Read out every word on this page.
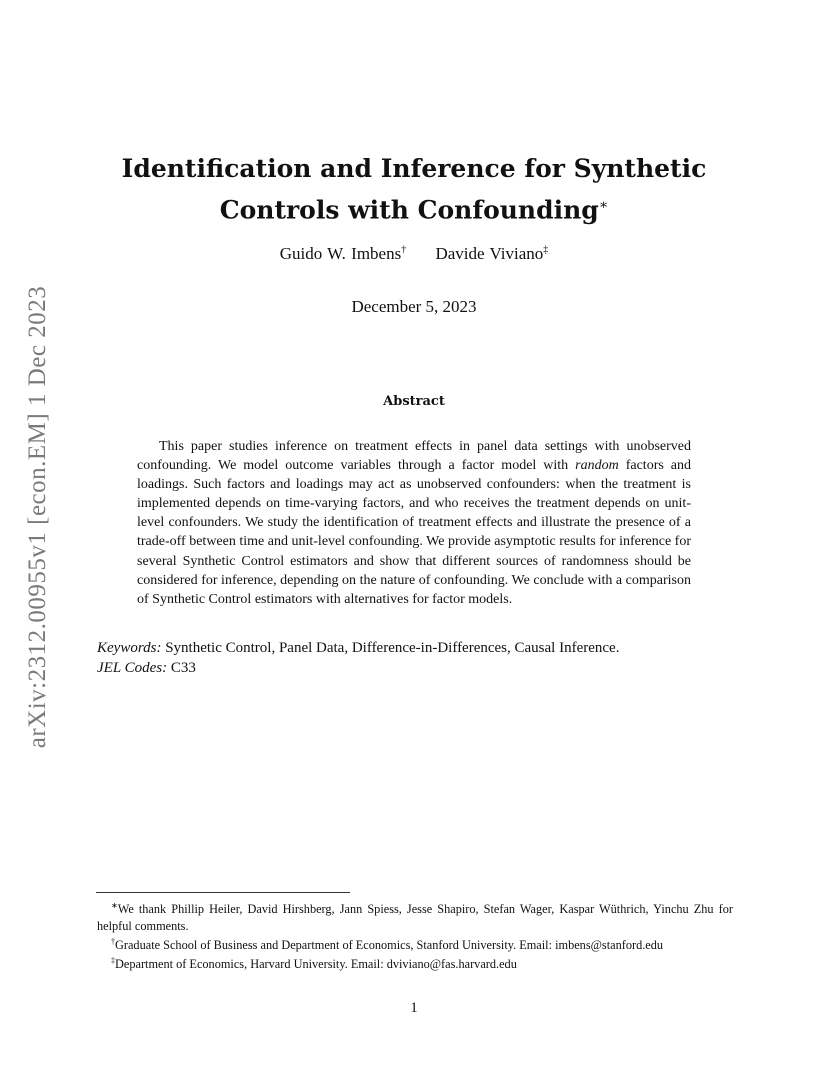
arXiv:2312.00955v1 [econ.EM] 1 Dec 2023
Identification and Inference for Synthetic
Controls with Confounding∗
Guido W. Imbens† Davide Viviano‡
December 5, 2023
Abstract

This paper studies inference on treatment effects in panel data settings with unobserved confounding. We model outcome variables through a factor model with random factors and loadings. Such factors and loadings may act as unobserved confounders: when the treatment is implemented depends on time-varying factors, and who receives the treatment depends on unit-level confounders. We study the identification of treatment effects and illustrate the presence of a trade-off between time and unit-level confounding. We provide asymptotic results for inference for several Synthetic Control estimators and show that different sources of randomness should be considered for inference, depending on the nature of confounding. We conclude with a comparison of Synthetic Control estimators with alternatives for factor models.

Keywords: Synthetic Control, Panel Data, Difference-in-Differences, Causal Inference.
JEL Codes: C33

∗We thank Phillip Heiler, David Hirshberg, Jann Spiess, Jesse Shapiro, Stefan Wager, Kaspar Wüthrich, Yinchu Zhu for helpful comments.

†Graduate School of Business and Department of Economics, Stanford University. Email: imbens@stanford.edu

‡Department of Economics, Harvard University. Email: dviviano@fas.harvard.edu

1
